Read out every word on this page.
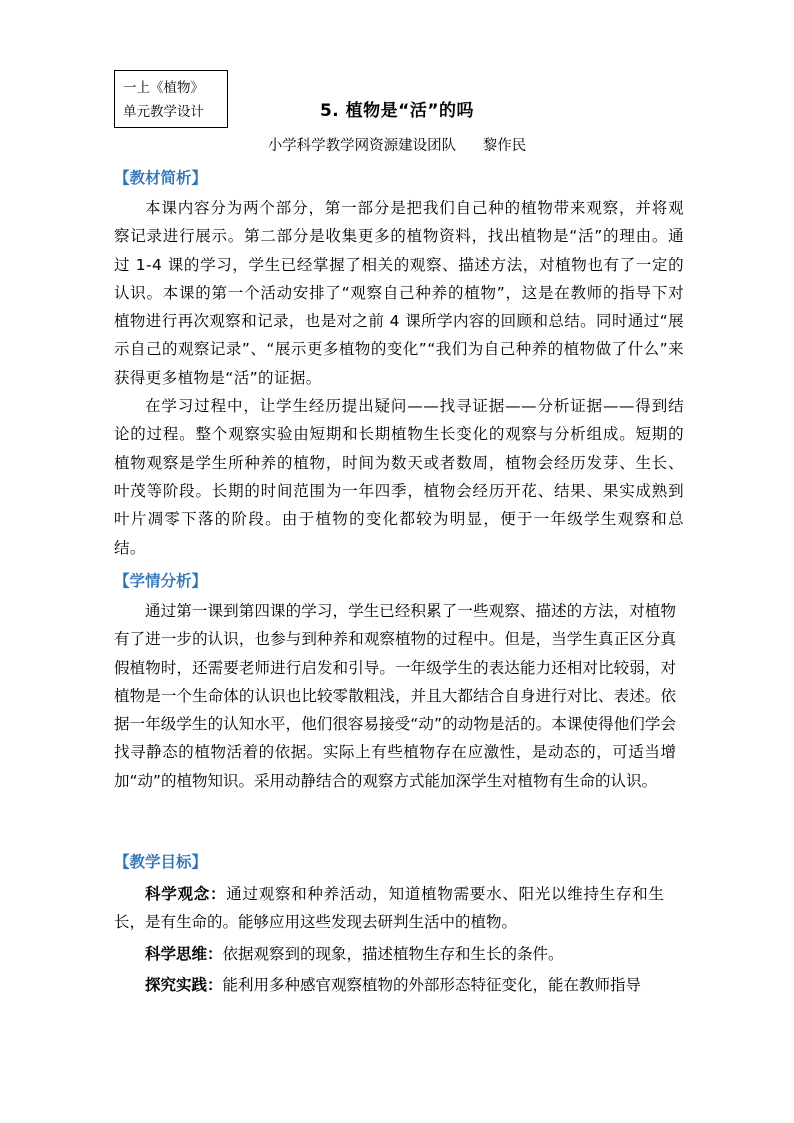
一上《植物》
单元教学设计	5. 植物是“活”的吗
小学科学教学网资源建设团队 黎作民
【教材简析】

本课内容分为两个部分，第一部分是把我们自己种的植物带来观察，并将观察记录进行展示。第二部分是收集更多的植物资料，找出植物是“活”的理由。通过 1-4 课的学习，学生已经掌握了相关的观察、描述方法，对植物也有了一定的认识。本课的第一个活动安排了“观察自己种养的植物”，这是在教师的指导下对植物进行再次观察和记录，也是对之前 4 课所学内容的回顾和总结。同时通过“展示自己的观察记录”、“展示更多植物的变化”“我们为自己种养的植物做了什么”来获得更多植物是“活”的证据。

在学习过程中，让学生经历提出疑问——找寻证据——分析证据——得到结论的过程。整个观察实验由短期和长期植物生长变化的观察与分析组成。短期的植物观察是学生所种养的植物，时间为数天或者数周，植物会经历发芽、生长、叶茂等阶段。长期的时间范围为一年四季，植物会经历开花、结果、果实成熟到叶片凋零下落的阶段。由于植物的变化都较为明显，便于一年级学生观察和总结。

【学情分析】

通过第一课到第四课的学习，学生已经积累了一些观察、描述的方法，对植物有了进一步的认识，也参与到种养和观察植物的过程中。但是，当学生真正区分真假植物时，还需要老师进行启发和引导。一年级学生的表达能力还相对比较弱，对植物是一个生命体的认识也比较零散粗浅，并且大都结合自身进行对比、表述。依据一年级学生的认知水平，他们很容易接受“动”的动物是活的。本课使得他们学会找寻静态的植物活着的依据。实际上有些植物存在应激性，是动态的，可适当增加“动”的植物知识。采用动静结合的观察方式能加深学生对植物有生命的认识。

【教学目标】

科学观念：通过观察和种养活动，知道植物需要水、阳光以维持生存和生长，是有生命的。能够应用这些发现去研判生活中的植物。

科学思维：依据观察到的现象，描述植物生存和生长的条件。

探究实践：能利用多种感官观察植物的外部形态特征变化，能在教师指导
